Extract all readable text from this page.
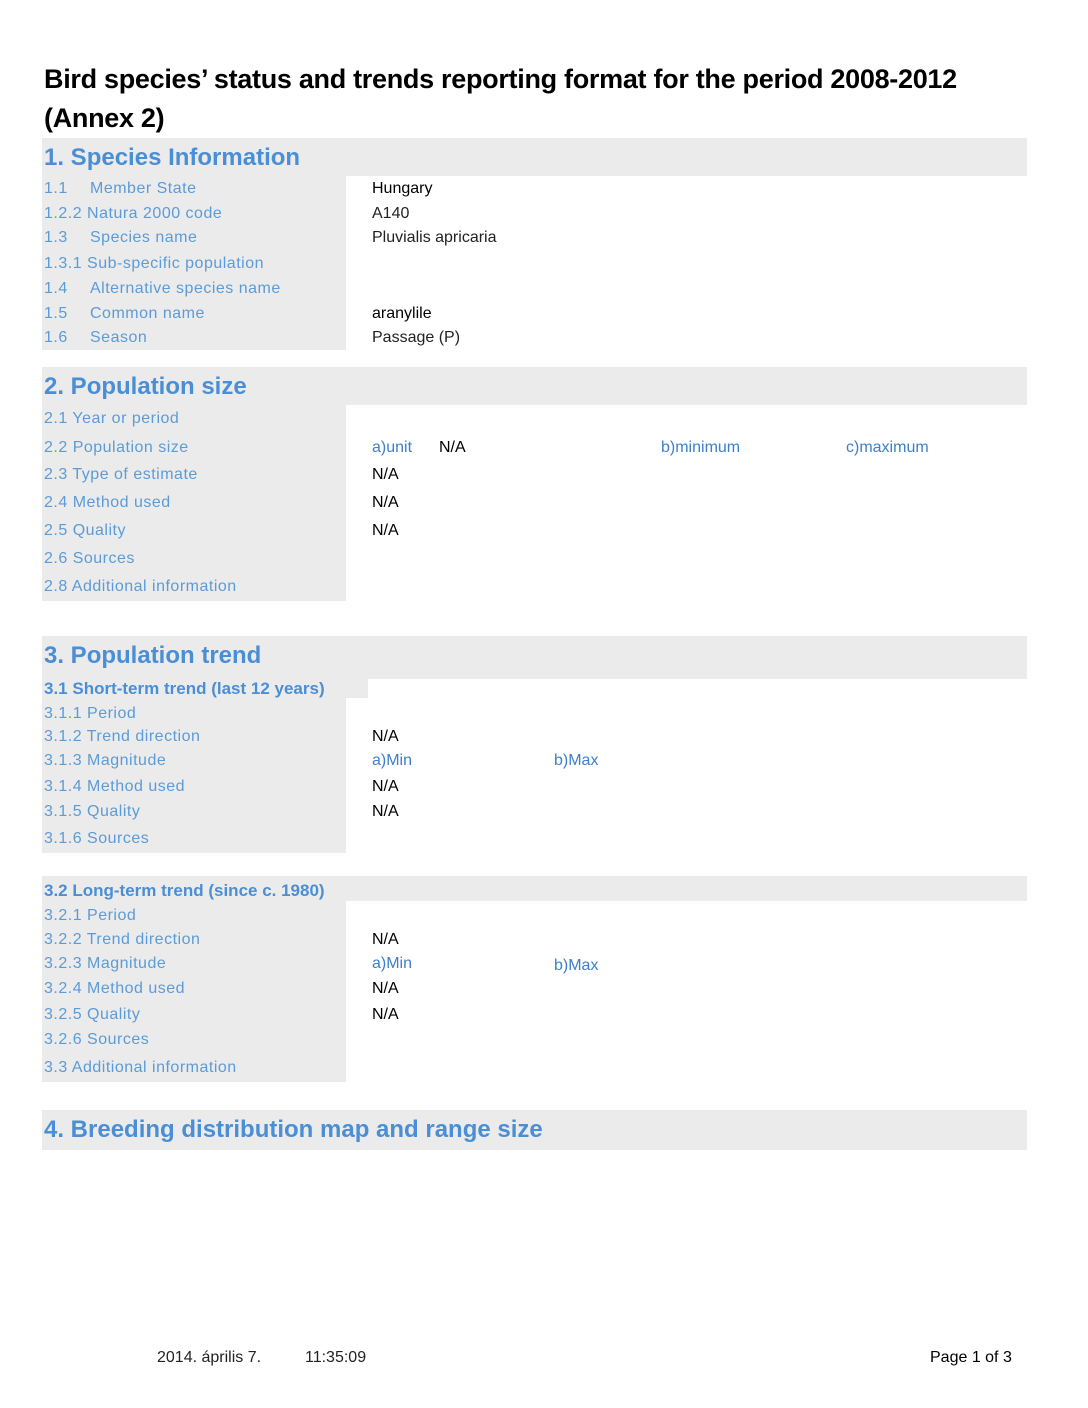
Bird species’ status and trends reporting format for the period 2008-2012
(Annex 2)
1. Species Information
1.1 Member State	Hungary
1.2.2 Natura 2000 code	A140
1.3 Species name	Pluvialis apricaria
1.3.1 Sub-specific population
1.4 Alternative species name
1.5 Common name	aranylile
1.6 Season	Passage (P)
2. Population size
2.1 Year or period
2.2 Population size	a)unit N/A	b)minimum	c)maximum
2.3 Type of estimate	N/A
2.4 Method used	N/A
2.5 Quality	N/A
2.6 Sources
2.8 Additional information
3. Population trend
3.1 Short-term trend (last 12 years)
3.1.1 Period
3.1.2 Trend direction	N/A
3.1.3 Magnitude	a)Min	b)Max
3.1.4 Method used	N/A
3.1.5 Quality	N/A
3.1.6 Sources
3.2 Long-term trend (since c. 1980)
3.2.1 Period
3.2.2 Trend direction	N/A
3.2.3 Magnitude	a)Min	b)Max
3.2.4 Method used	N/A
3.2.5 Quality	N/A
3.2.6 Sources
3.3 Additional information
4. Breeding distribution map and range size
2014. április 7.	11:35:09	Page 1 of 3
